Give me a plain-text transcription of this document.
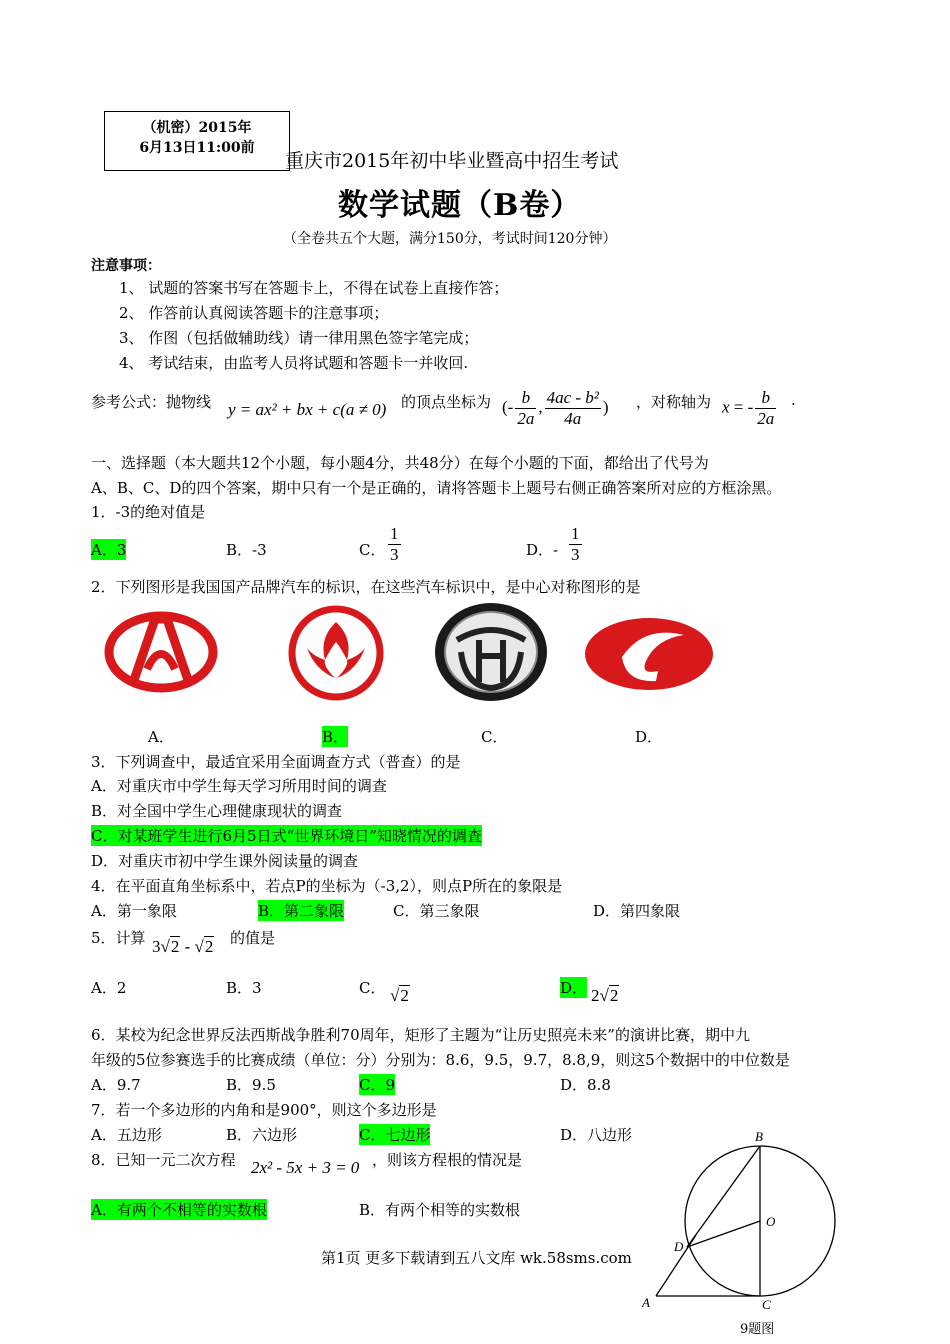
（机密）2015年
6月13日11:00前
重庆市2015年初中毕业暨高中招生考试
数学试题（B卷）
（全卷共五个大题，满分150分，考试时间120分钟）
注意事项：
1、 试题的答案书写在答题卡上，不得在试卷上直接作答；
2、 作答前认真阅读答题卡的注意事项；
3、 作图（包括做辅助线）请一律用黑色签字笔完成；
4、 考试结束，由监考人员将试题和答题卡一并收回.
参考公式：抛物线 y = ax² + bx + c(a ≠ 0) 的顶点坐标为 (- $\frac{b}{2a}$ , $\frac{\text{4ac - b²}}{4a}$ ) ，对称轴为 x = - $\frac{b}{2a}$ .
一、选择题（本大题共12个小题，每小题4分，共48分）在每个小题的下面，都给出了代号为
A、B、C、D的四个答案，期中只有一个是正确的，请将答题卡上题号右侧正确答案所对应的方框涂黑。
1．-3的绝对值是
A．3	B．-3	C． $\frac{1}{3}$	D．- $\frac{1}{3}$
2．下列图形是我国国产品牌汽车的标识，在这些汽车标识中，是中心对称图形的是
A．	B．	C．	D．
3．下列调查中，最适宜采用全面调查方式（普查）的是
A．对重庆市中学生每天学习所用时间的调查
B．对全国中学生心理健康现状的调查
C．对某班学生进行6月5日式“世界环境日”知晓情况的调查
D．对重庆市初中学生课外阅读量的调查
4．在平面直角坐标系中，若点P的坐标为（-3,2），则点P所在的象限是
A．第一象限	B．第二象限	C．第三象限	D．第四象限
5．计算 3√2 - √2 的值是
A．2	B．3	C． √2	D． 2√2
6．某校为纪念世界反法西斯战争胜利70周年，矩形了主题为“让历史照亮未来”的演讲比赛，期中九
年级的5位参赛选手的比赛成绩（单位：分）分别为：8.6，9.5，9.7，8.8,9，则这5个数据中的中位数是
A．9.7	B．9.5	C．9	D．8.8
7．若一个多边形的内角和是900°，则这个多边形是
A．五边形	B．六边形	C．七边形	D．八边形
8．已知一元二次方程 2x² - 5x + 3 = 0 ，则该方程根的情况是
A．有两个不相等的实数根	B．有两个相等的实数根
B
O
D
A	C
9题图
第1页 更多下载请到五八文库 wk.58sms.com
